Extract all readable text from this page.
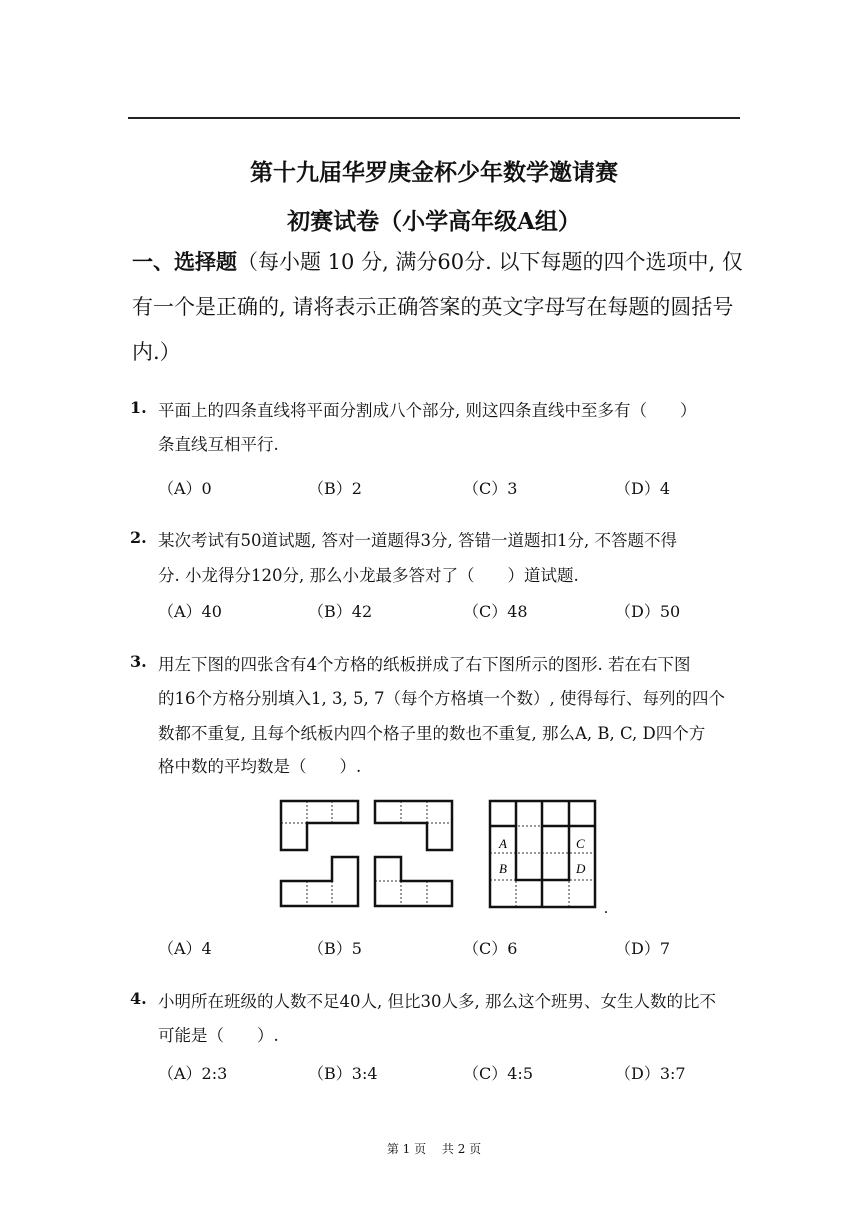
第十九届华罗庚金杯少年数学邀请赛
初赛试卷（小学高年级A组）
一、选择题（每小题 10 分, 满分60分. 以下每题的四个选项中, 仅
有一个是正确的, 请将表示正确答案的英文字母写在每题的圆括号
内.）
1. 平面上的四条直线将平面分割成八个部分, 则这四条直线中至多有（　　）
条直线互相平行.
（A）0	（B）2	（C）3	（D）4
2. 某次考试有50道试题, 答对一道题得3分, 答错一道题扣1分, 不答题不得
分. 小龙得分120分, 那么小龙最多答对了（　　）道试题.
（A）40	（B）42	（C）48	（D）50
3. 用左下图的四张含有4个方格的纸板拼成了右下图所示的图形. 若在右下图
的16个方格分别填入1, 3, 5, 7（每个方格填一个数）, 使得每行、每列的四个
数都不重复, 且每个纸板内四个格子里的数也不重复, 那么A, B, C, D四个方
格中数的平均数是（　　）.
A
B
C
D
.
（A）4	（B）5	（C）6	（D）7
4. 小明所在班级的人数不足40人, 但比30人多, 那么这个班男、女生人数的比不
可能是（　　）.
（A）2:3	（B）3:4	（C）4:5	（D）3:7
第 1 页　 共 2 页
